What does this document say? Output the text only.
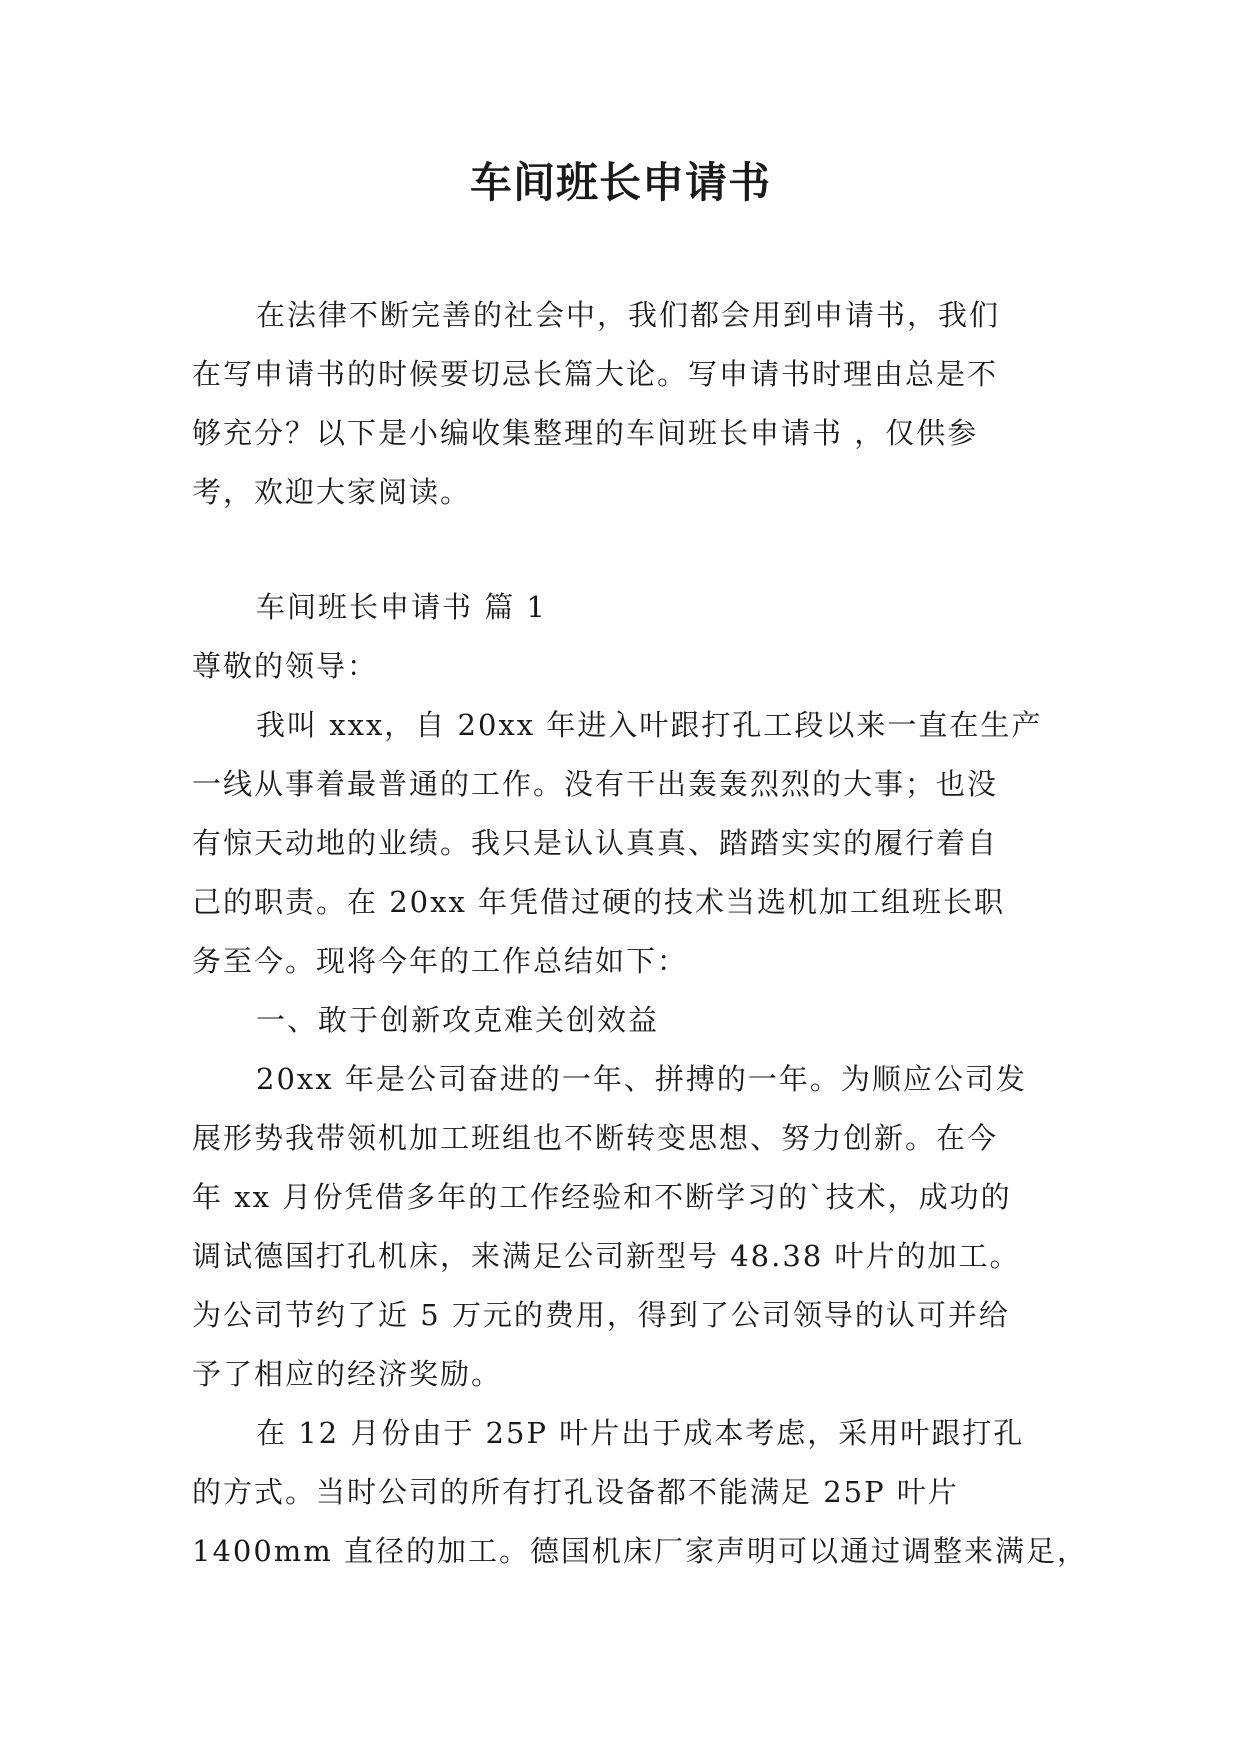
车间班长申请书
在法律不断完善的社会中，我们都会用到申请书，我们
在写申请书的时候要切忌长篇大论。写申请书时理由总是不
够充分？以下是小编收集整理的车间班长申请书 ，仅供参
考，欢迎大家阅读。
车间班长申请书 篇 1
尊敬的领导：
我叫 xxx，自 20xx 年进入叶跟打孔工段以来一直在生产
一线从事着最普通的工作。没有干出轰轰烈烈的大事；也没
有惊天动地的业绩。我只是认认真真、踏踏实实的履行着自
己的职责。在 20xx 年凭借过硬的技术当选机加工组班长职
务至今。现将今年的工作总结如下：
一、敢于创新攻克难关创效益
20xx 年是公司奋进的一年、拼搏的一年。为顺应公司发
展形势我带领机加工班组也不断转变思想、努力创新。在今
年 xx 月份凭借多年的工作经验和不断学习的`技术，成功的
调试德国打孔机床，来满足公司新型号 48.38 叶片的加工。
为公司节约了近 5 万元的费用，得到了公司领导的认可并给
予了相应的经济奖励。
在 12 月份由于 25P 叶片出于成本考虑，采用叶跟打孔
的方式。当时公司的所有打孔设备都不能满足 25P 叶片
1400mm 直径的加工。德国机床厂家声明可以通过调整来满足，
